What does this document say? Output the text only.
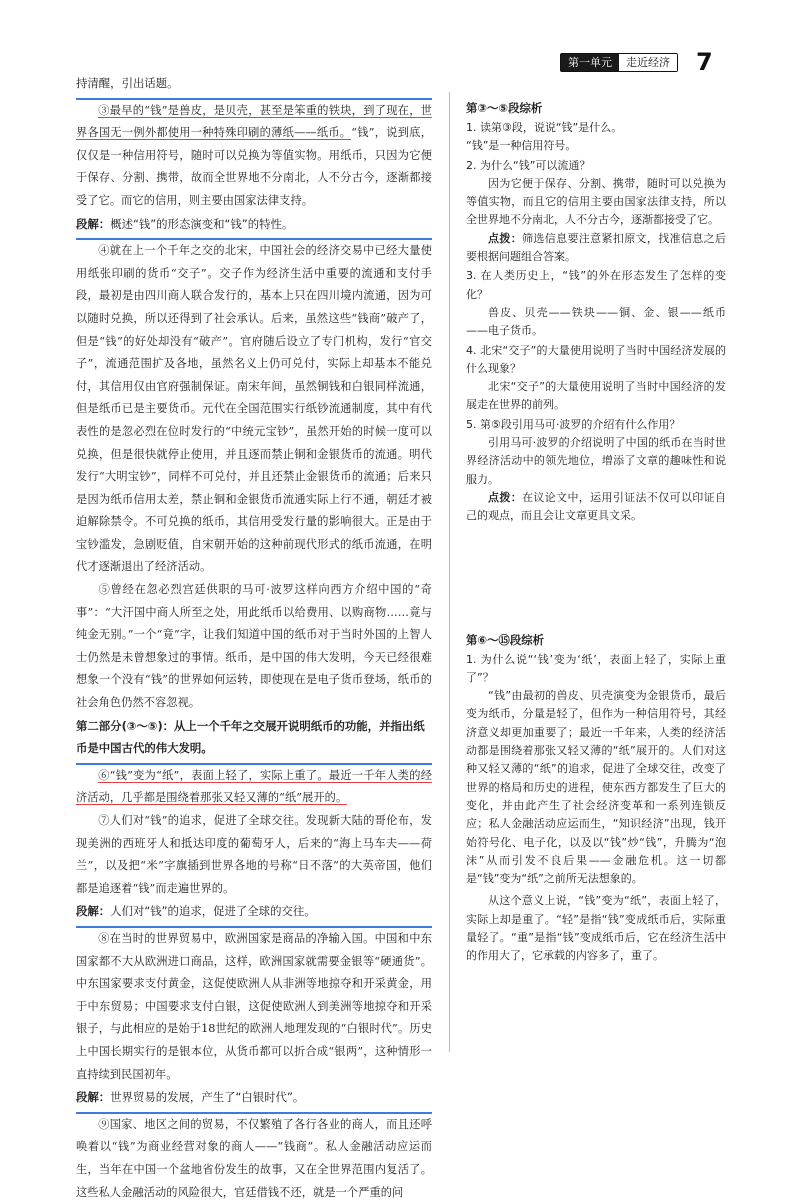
第一单元	走近经济 7
持清醒，引出话题。
③最早的“钱”是兽皮，是贝壳，甚至是笨重的铁块，到了现在，世界各国无一例外都使用一种特殊印刷的薄纸——纸币。“钱”，说到底，仅仅是一种信用符号，随时可以兑换为等值实物。用纸币，只因为它便于保存、分割、携带，故而全世界地不分南北，人不分古今，逐渐都接受了它。而它的信用，则主要由国家法律支持。
段解：概述“钱”的形态演变和“钱”的特性。
④就在上一个千年之交的北宋，中国社会的经济交易中已经大量使用纸张印刷的货币“交子”。交子作为经济生活中重要的流通和支付手段，最初是由四川商人联合发行的，基本上只在四川境内流通，因为可以随时兑换，所以还得到了社会承认。后来，虽然这些“钱商”破产了，但是“钱”的好处却没有“破产”。官府随后设立了专门机构，发行“官交子”，流通范围扩及各地，虽然名义上仍可兑付，实际上却基本不能兑付，其信用仅由官府强制保证。南宋年间，虽然铜钱和白银同样流通，但是纸币已是主要货币。元代在全国范围实行纸钞流通制度，其中有代表性的是忽必烈在位时发行的“中统元宝钞”，虽然开始的时候一度可以兑换，但是很快就停止使用，并且逐而禁止铜和金银货币的流通。明代发行“大明宝钞”，同样不可兑付，并且还禁止金银货币的流通；后来只是因为纸币信用太差，禁止铜和金银货币流通实际上行不通，朝廷才被迫解除禁令。不可兑换的纸币，其信用受发行量的影响很大。正是由于宝钞滥发，急剧贬值，自宋朝开始的这种前现代形式的纸币流通，在明代才逐渐退出了经济活动。
⑤曾经在忽必烈宫廷供职的马可·波罗这样向西方介绍中国的“奇事”：“大汗国中商人所至之处，用此纸币以给费用、以购商物……竟与纯金无别。”一个“竟”字，让我们知道中国的纸币对于当时外国的上智人士仍然是未曾想象过的事情。纸币，是中国的伟大发明，今天已经很难想象一个没有“钱”的世界如何运转，即使现在是电子货币登场，纸币的社会角色仍然不容忽视。
第二部分(③～⑤)：从上一个千年之交展开说明纸币的功能，并指出纸币是中国古代的伟大发明。
⑥“钱”变为“纸”，表面上轻了，实际上重了。最近一千年人类的经济活动，几乎都是围绕着那张又轻又薄的“纸”展开的。
⑦人们对“钱”的追求，促进了全球交往。发现新大陆的哥伦布，发现美洲的西班牙人和抵达印度的葡萄牙人，后来的“海上马车夫——荷兰”，以及把“米”字旗插到世界各地的号称“日不落”的大英帝国，他们都是追逐着“钱”而走遍世界的。
段解：人们对“钱”的追求，促进了全球的交往。
⑧在当时的世界贸易中，欧洲国家是商品的净输入国。中国和中东国家都不大从欧洲进口商品，这样，欧洲国家就需要金银等“硬通货”。中东国家要求支付黄金，这促使欧洲人从非洲等地掠夺和开采黄金，用于中东贸易；中国要求支付白银，这促使欧洲人到美洲等地掠夺和开采银子，与此相应的是始于18世纪的欧洲人地理发现的“白银时代”。历史上中国长期实行的是银本位，从货币都可以折合成“银两”，这种情形一直持续到民国初年。
段解：世界贸易的发展，产生了“白银时代”。
⑨国家、地区之间的贸易，不仅繁殖了各行各业的商人，而且还呼唤着以“钱”为商业经营对象的商人——“钱商”。私人金融活动应运而生，当年在中国一个盆地省份发生的故事，又在全世界范围内复活了。这些私人金融活动的风险很大，官廷借钱不还，就是一个严重的问
第③～⑤段综析
1. 读第③段，说说“钱”是什么。
“钱”是一种信用符号。
2. 为什么“钱”可以流通？
因为它便于保存、分割、携带，随时可以兑换为等值实物，而且它的信用主要由国家法律支持，所以全世界地不分南北，人不分古今，逐渐都接受了它。
点拨：筛选信息要注意紧扣原文，找准信息之后要根据问题组合答案。
3. 在人类历史上，“钱”的外在形态发生了怎样的变化？
兽皮、贝壳——铁块——铜、金、银——纸币——电子货币。
4. 北宋“交子”的大量使用说明了当时中国经济发展的什么现象？
北宋“交子”的大量使用说明了当时中国经济的发展走在世界的前列。
5. 第⑤段引用马可·波罗的介绍有什么作用？
引用马可·波罗的介绍说明了中国的纸币在当时世界经济活动中的领先地位，增添了文章的趣味性和说服力。
点拨：在议论文中，运用引证法不仅可以印证自己的观点，而且会让文章更具文采。
第⑥～⑮段综析
1. 为什么说“‘钱’变为‘纸’，表面上轻了，实际上重了”？
“钱”由最初的兽皮、贝壳演变为金银货币，最后变为纸币，分量是轻了，但作为一种信用符号，其经济意义却更加重要了；最近一千年来，人类的经济活动都是围绕着那张又轻又薄的“纸”展开的。人们对这种又轻又薄的“纸”的追求，促进了全球交往，改变了世界的格局和历史的进程，使东西方都发生了巨大的变化，并由此产生了社会经济变革和一系列连锁反应；私人金融活动应运而生，“知识经济”出现，钱开始符号化、电子化，以及以“钱”炒“钱”，升腾为“泡沫”从而引发不良后果——金融危机。这一切都是“钱”变为“纸”之前所无法想象的。
从这个意义上说，“钱”变为“纸”，表面上轻了，实际上却是重了。“轻”是指“钱”变成纸币后，实际重量轻了。“重”是指“钱”变成纸币后，它在经济生活中的作用大了，它承载的内容多了，重了。
